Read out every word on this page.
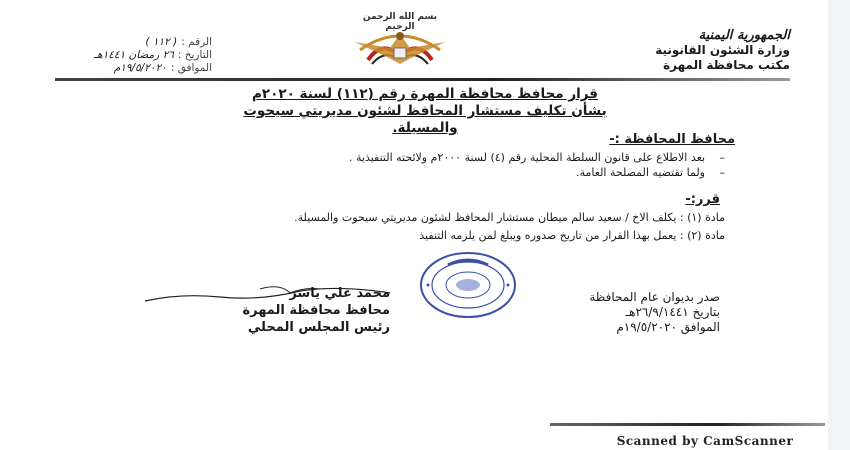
بسم الله الرحمن الرحيم
الجمهورية اليمنية
وزارة الشئون القانونية
مكتب محافظة المهرة
الرقم :
( ١١٢ )
التاريخ :
٢٦ رمضان ١٤٤١هـ
الموافق :
١٩/٥/٢٠٢٠م
قرار محافظ محافظة المهرة رقم (١١٢) لسنة ٢٠٢٠م
بشأن تكليف مستشار المحافظ لشئون مديريتي سيحوت
والمسيلة.
محافظ المحافظة :-
–
بعد الاطلاع على قانون السلطة المحلية رقم (٤) لسنة ٢٠٠٠م ولائحته التنفيذية .
–
ولما تقتضيه المصلحة العامة.
قرر:-
مادة (١) : يكلف الاخ / سعيد سالم ميطان مستشار المحافظ لشئون مديريتي سيحوت والمسيلة.
مادة (٢) : يعمل بهذا القرار من تاريخ صدوره ويبلغ لمن يلزمه التنفيذ
محمد علي ياسر
محافظ محافظة المهرة
رئيس المجلس المحلي
صدر بديوان عام المحافظة
بتاريخ ٢٦/٩/١٤٤١هـ
الموافق ١٩/٥/٢٠٢٠م
Scanned by CamScanner
